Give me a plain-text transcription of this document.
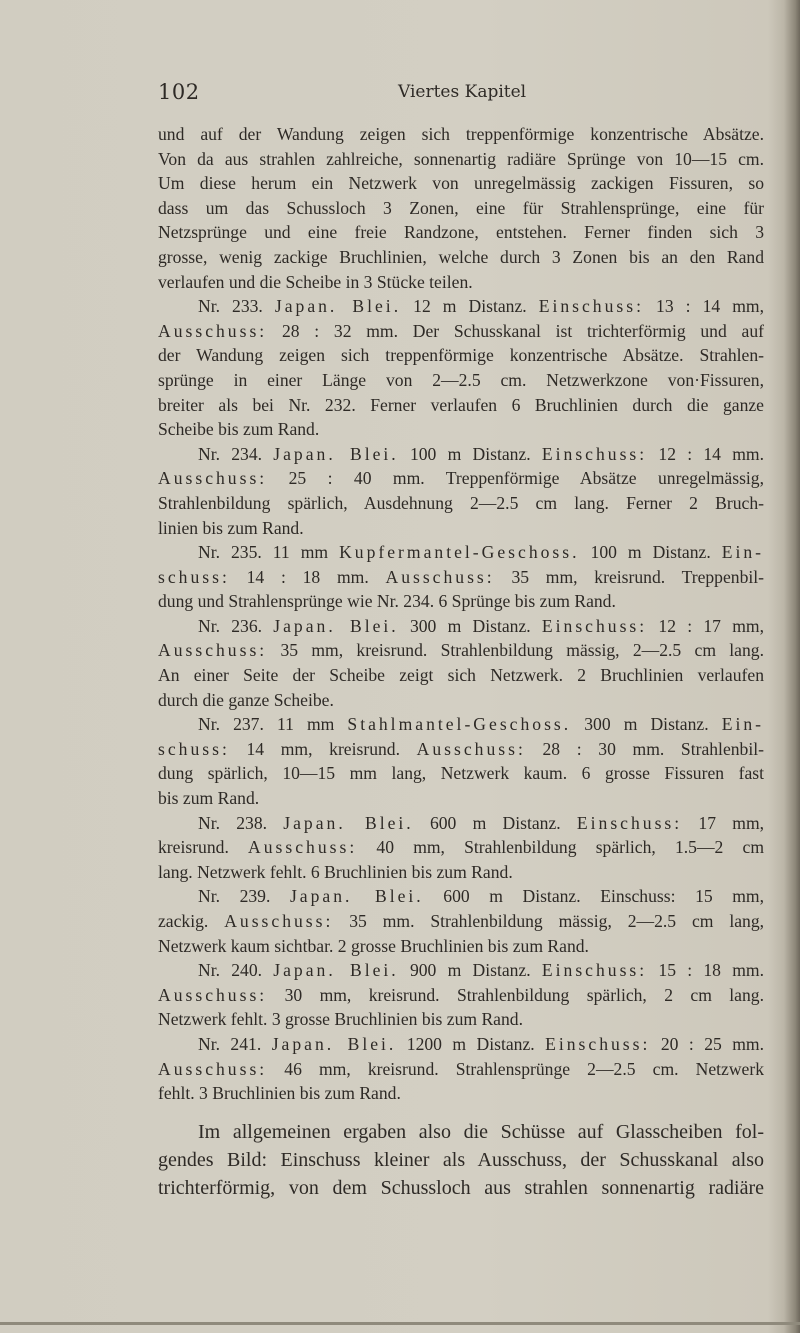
102	Viertes Kapitel
und auf der Wandung zeigen sich treppenförmige konzentrische Absätze.
Von da aus strahlen zahlreiche, sonnenartig radiäre Sprünge von 10—15 cm.
Um diese herum ein Netzwerk von unregelmässig zackigen Fissuren, so
dass um das Schussloch 3 Zonen, eine für Strahlensprünge, eine für
Netzsprünge und eine freie Randzone, entstehen. Ferner finden sich 3
grosse, wenig zackige Bruchlinien, welche durch 3 Zonen bis an den Rand
verlaufen und die Scheibe in 3 Stücke teilen.
Nr. 233. Japan. Blei. 12 m Distanz. Einschuss: 13 : 14 mm,
Ausschuss: 28 : 32 mm. Der Schusskanal ist trichterförmig und auf
der Wandung zeigen sich treppenförmige konzentrische Absätze. Strahlen-
sprünge in einer Länge von 2—2.5 cm. Netzwerkzone von·Fissuren,
breiter als bei Nr. 232. Ferner verlaufen 6 Bruchlinien durch die ganze
Scheibe bis zum Rand.
Nr. 234. Japan. Blei. 100 m Distanz. Einschuss: 12 : 14 mm.
Ausschuss: 25 : 40 mm. Treppenförmige Absätze unregelmässig,
Strahlenbildung spärlich, Ausdehnung 2—2.5 cm lang. Ferner 2 Bruch-
linien bis zum Rand.
Nr. 235. 11 mm Kupfermantel-Geschoss. 100 m Distanz. Ein-
schuss: 14 : 18 mm. Ausschuss: 35 mm, kreisrund. Treppenbil-
dung und Strahlensprünge wie Nr. 234. 6 Sprünge bis zum Rand.
Nr. 236. Japan. Blei. 300 m Distanz. Einschuss: 12 : 17 mm,
Ausschuss: 35 mm, kreisrund. Strahlenbildung mässig, 2—2.5 cm lang.
An einer Seite der Scheibe zeigt sich Netzwerk. 2 Bruchlinien verlaufen
durch die ganze Scheibe.
Nr. 237. 11 mm Stahlmantel-Geschoss. 300 m Distanz. Ein-
schuss: 14 mm, kreisrund. Ausschuss: 28 : 30 mm. Strahlenbil-
dung spärlich, 10—15 mm lang, Netzwerk kaum. 6 grosse Fissuren fast
bis zum Rand.
Nr. 238. Japan. Blei. 600 m Distanz. Einschuss: 17 mm,
kreisrund. Ausschuss: 40 mm, Strahlenbildung spärlich, 1.5—2 cm
lang. Netzwerk fehlt. 6 Bruchlinien bis zum Rand.
Nr. 239. Japan. Blei. 600 m Distanz. Einschuss: 15 mm,
zackig. Ausschuss: 35 mm. Strahlenbildung mässig, 2—2.5 cm lang,
Netzwerk kaum sichtbar. 2 grosse Bruchlinien bis zum Rand.
Nr. 240. Japan. Blei. 900 m Distanz. Einschuss: 15 : 18 mm.
Ausschuss: 30 mm, kreisrund. Strahlenbildung spärlich, 2 cm lang.
Netzwerk fehlt. 3 grosse Bruchlinien bis zum Rand.
Nr. 241. Japan. Blei. 1200 m Distanz. Einschuss: 20 : 25 mm.
Ausschuss: 46 mm, kreisrund. Strahlensprünge 2—2.5 cm. Netzwerk
fehlt. 3 Bruchlinien bis zum Rand.
Im allgemeinen ergaben also die Schüsse auf Glasscheiben fol-
gendes Bild: Einschuss kleiner als Ausschuss, der Schusskanal also
trichterförmig, von dem Schussloch aus strahlen sonnenartig radiäre
